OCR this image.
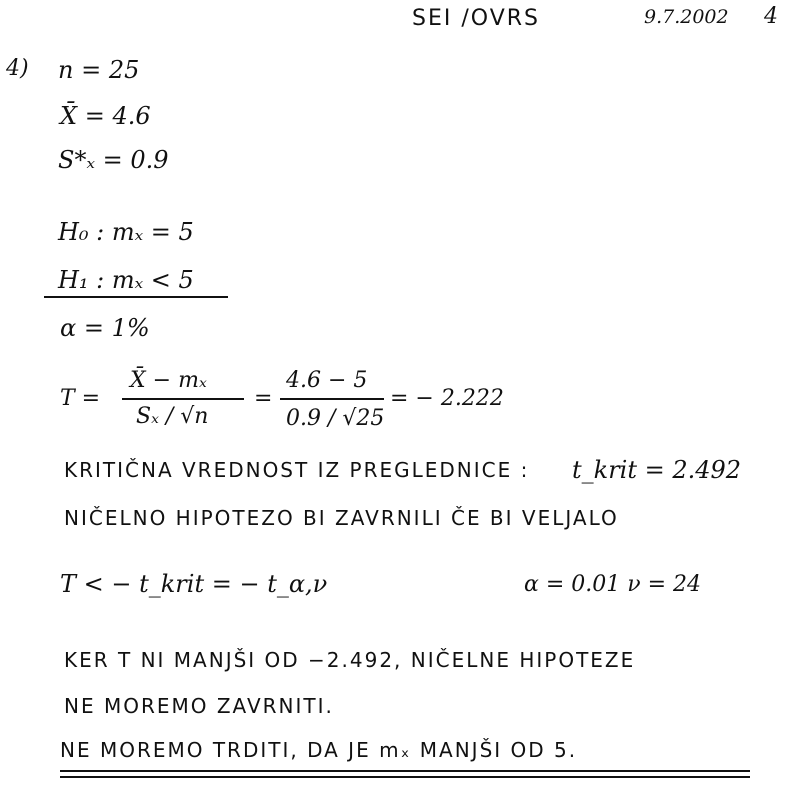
SEI /OVRS	9.7.2002 4
4) n = 25
X̄ = 4.6
S*ₓ = 0.9
H₀ : mₓ = 5
H₁ : mₓ < 5
α = 1%
T =
X̄ − mₓ
Sₓ / √n
=
4.6 − 5
0.9 / √25
= − 2.222
KRITIČNA VREDNOST IZ PREGLEDNICE : t_krit = 2.492
NIČELNO HIPOTEZO BI ZAVRNILI ČE BI VELJALO
T < − t_krit = − t_α,ν	α = 0.01 ν = 24
KER T NI MANJŠI OD −2.492, NIČELNE HIPOTEZE
NE MOREMO ZAVRNITI.
NE MOREMO TRDITI, DA JE mₓ MANJŠI OD 5.
